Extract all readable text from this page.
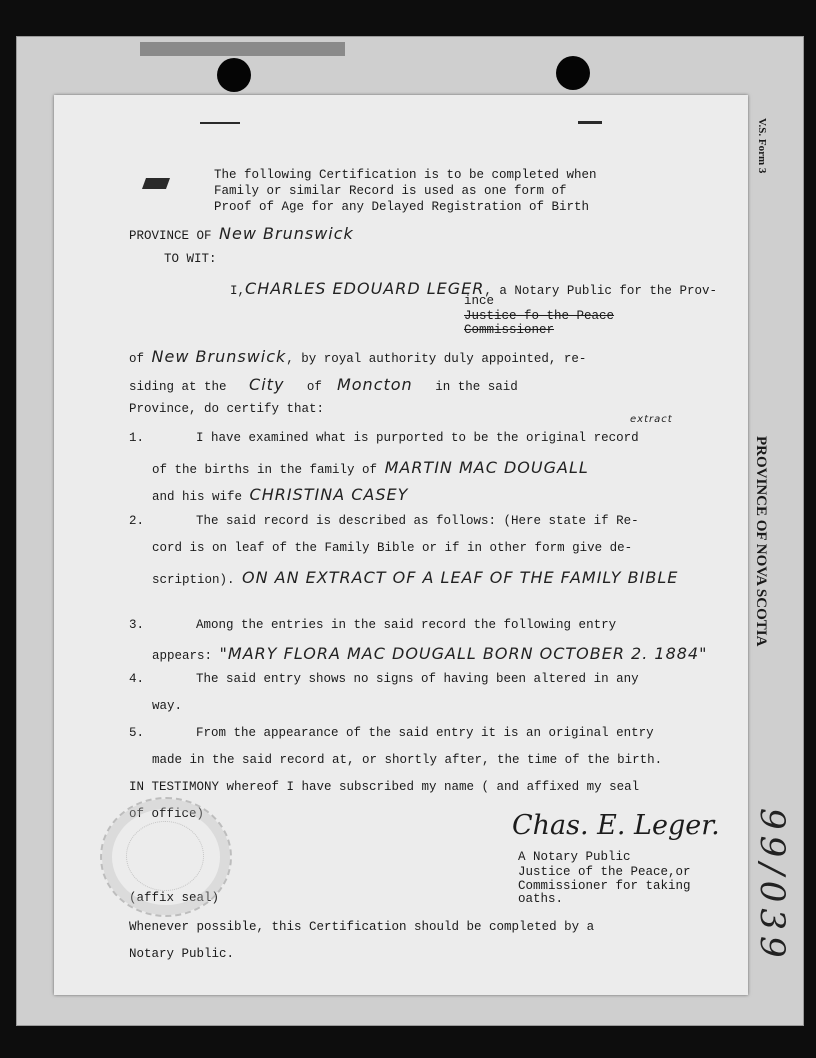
V.S. Form 3
PROVINCE OF NOVA SCOTIA
99/039
The following Certification is to be completed when
Family or similar Record is used as one form of
Proof of Age for any Delayed Registration of Birth
PROVINCE OF New Brunswick
TO WIT:
I,CHARLES EDOUARD LEGER, a Notary Public for the Prov-
ince
Justice fo the Peace
Commissioner
of New Brunswick, by royal authority duly appointed, re-
siding at the City of Moncton in the said
Province, do certify that:
1.	I have examined what is purported to be the original record
extract
of the births in the family of MARTIN MAC DOUGALL
and his wife CHRISTINA CASEY
2.	The said record is described as follows: (Here state if Re-
cord is on leaf of the Family Bible or if in other form give de-
scription). ON AN EXTRACT OF A LEAF OF THE FAMILY BIBLE
3.	Among the entries in the said record the following entry
appears: "MARY FLORA MAC DOUGALL BORN OCTOBER 2. 1884"
4.	The said entry shows no signs of having been altered in any
way.
5.	From the appearance of the said entry it is an original entry
made in the said record at, or shortly after, the time of the birth.
IN TESTIMONY whereof I have subscribed my name ( and affixed my seal
of office)
A Notary Public
Justice of the Peace,or
Commissioner for taking
oaths.
(affix seal)
Whenever possible, this Certification should be completed by a
Notary Public.
Chas. E. Leger.
